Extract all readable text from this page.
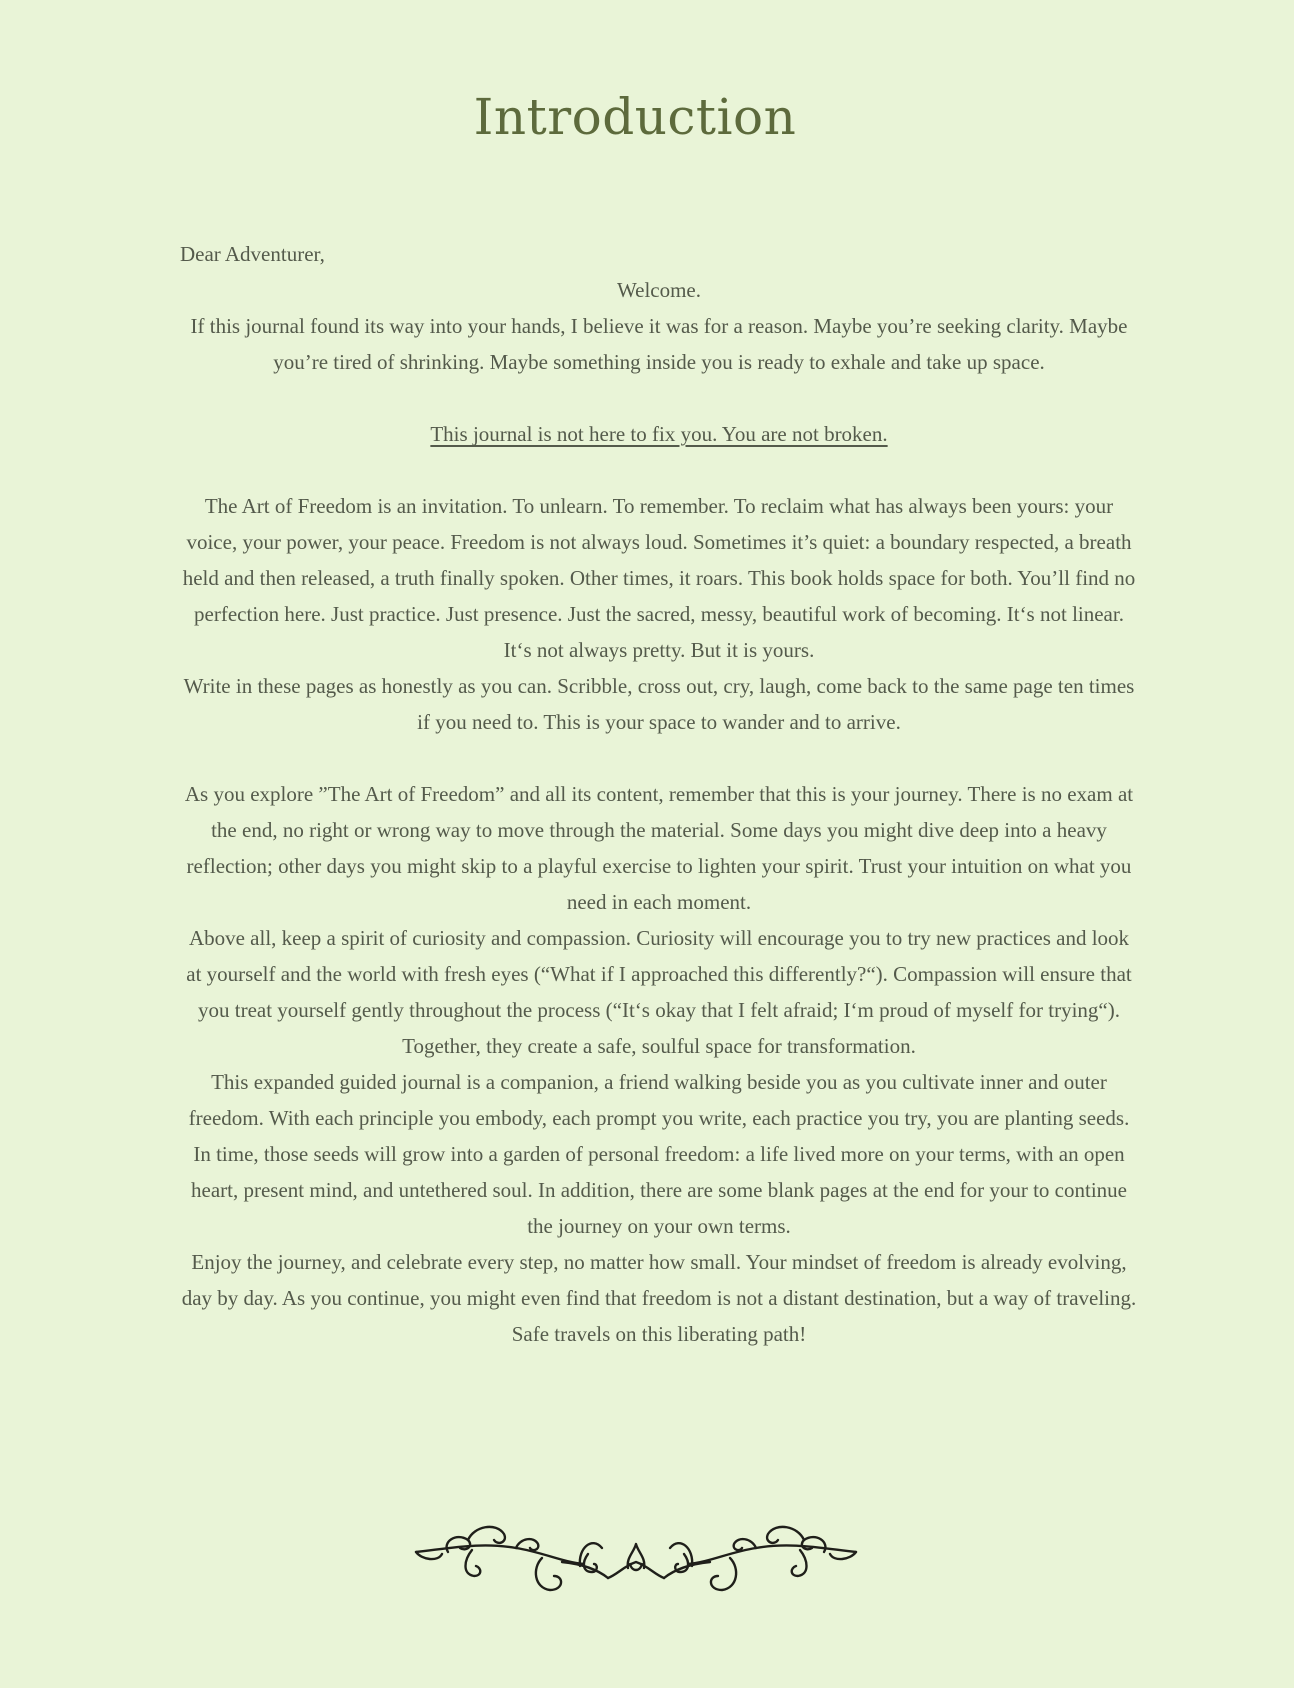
Introduction

Dear Adventurer,

Welcome.

If this journal found its way into your hands, I believe it was for a reason. Maybe you’re seeking clarity. Maybe you’re tired of shrinking. Maybe something inside you is ready to exhale and take up space.

This journal is not here to fix you. You are not broken.

The Art of Freedom is an invitation. To unlearn. To remember. To reclaim what has always been yours: your voice, your power, your peace. Freedom is not always loud. Sometimes it’s quiet: a boundary respected, a breath held and then released, a truth finally spoken. Other times, it roars. This book holds space for both. You’ll find no perfection here. Just practice. Just presence. Just the sacred, messy, beautiful work of becoming. It‘s not linear. It‘s not always pretty. But it is yours.

Write in these pages as honestly as you can. Scribble, cross out, cry, laugh, come back to the same page ten times if you need to. This is your space to wander and to arrive.

As you explore ”The Art of Freedom” and all its content, remember that this is your journey. There is no exam at the end, no right or wrong way to move through the material. Some days you might dive deep into a heavy reflection; other days you might skip to a playful exercise to lighten your spirit. Trust your intuition on what you need in each moment.

Above all, keep a spirit of curiosity and compassion. Curiosity will encourage you to try new practices and look at yourself and the world with fresh eyes (“What if I approached this differently?“). Compassion will ensure that you treat yourself gently throughout the process (“It‘s okay that I felt afraid; I‘m proud of myself for trying“). Together, they create a safe, soulful space for transformation.

This expanded guided journal is a companion, a friend walking beside you as you cultivate inner and outer freedom. With each principle you embody, each prompt you write, each practice you try, you are planting seeds. In time, those seeds will grow into a garden of personal freedom: a life lived more on your terms, with an open heart, present mind, and untethered soul. In addition, there are some blank pages at the end for your to continue the journey on your own terms.

Enjoy the journey, and celebrate every step, no matter how small. Your mindset of freedom is already evolving, day by day. As you continue, you might even find that freedom is not a distant destination, but a way of traveling. Safe travels on this liberating path!
